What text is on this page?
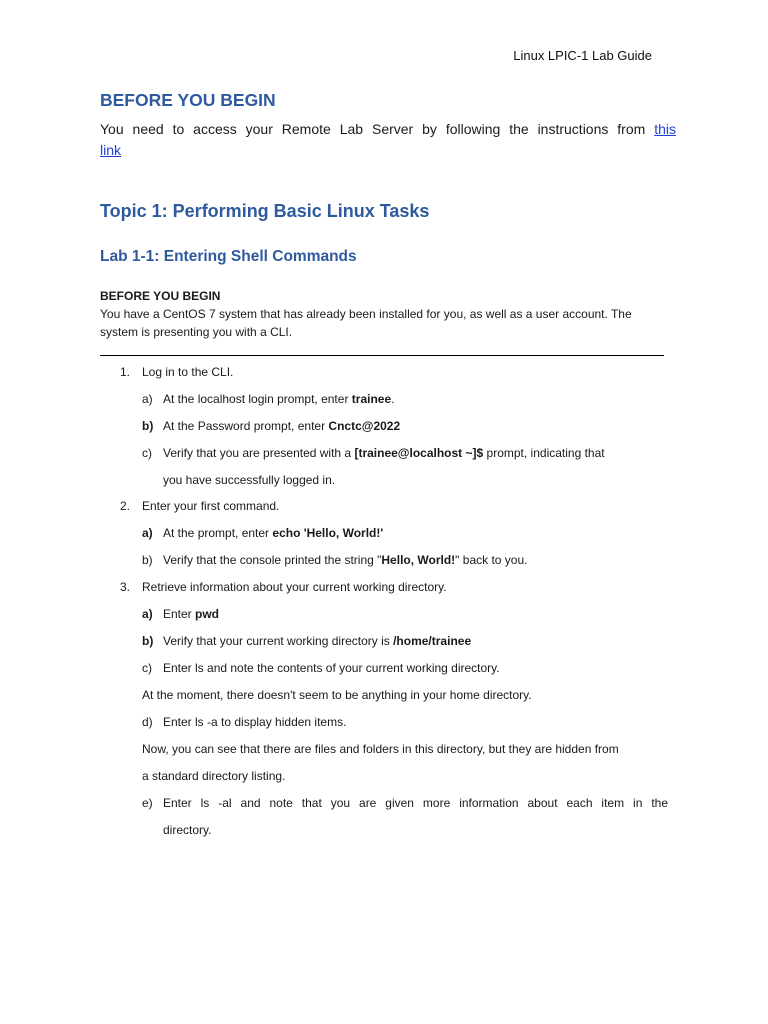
Linux LPIC-1 Lab Guide
BEFORE YOU BEGIN

You need to access your Remote Lab Server by following the instructions from this
link

Topic 1: Performing Basic Linux Tasks
Lab 1-1: Entering Shell Commands
BEFORE YOU BEGIN

You have a CentOS 7 system that has already been installed for you, as well as a user account. The system is presenting you with a CLI.

1. Log in to the CLI.
a) At the localhost login prompt, enter trainee.
b) At the Password prompt, enter Cnctc@2022
c) Verify that you are presented with a [trainee@localhost ~]$ prompt, indicating that
you have successfully logged in.
2. Enter your first command.
a) At the prompt, enter echo 'Hello, World!'
b) Verify that the console printed the string "Hello, World!" back to you.
3. Retrieve information about your current working directory.
a) Enter pwd
b) Verify that your current working directory is /home/trainee
c) Enter ls and note the contents of your current working directory.
At the moment, there doesn't seem to be anything in your home directory.
d) Enter ls -a to display hidden items.
Now, you can see that there are files and folders in this directory, but they are hidden from
a standard directory listing.
e) Enter ls -al and note that you are given more information about each item in the
directory.
